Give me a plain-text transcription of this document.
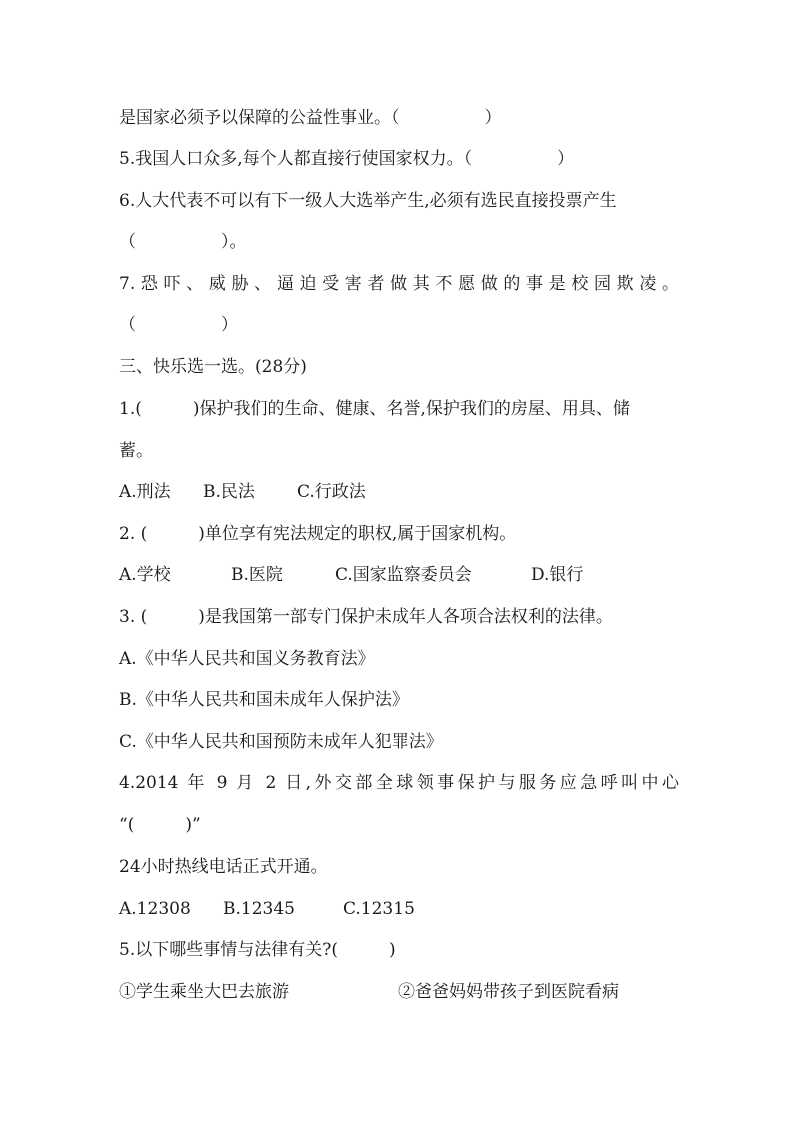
是国家必须予以保障的公益性事业。（　　　　　）
5.我国人口众多,每个人都直接行使国家权力。（　　　　　）
6.人大代表不可以有下一级人大选举产生,必须有选民直接投票产生
（　　　　　）。
7.恐吓、威胁、逼迫受害者做其不愿做的事是校园欺凌。
（　　　　　）
三、快乐选一选。(28分)
1.(　　　)保护我们的生命、健康、名誉,保护我们的房屋、用具、储
蓄。

A.刑法

B.民法

C.行政法

2. (　　　)单位享有宪法规定的职权,属于国家机构。

A.学校

	B.医院

	C.国家监察委员会

	D.银行

3. (　　　)是我国第一部专门保护未成年人各项合法权利的法律。
A.《中华人民共和国义务教育法》
B.《中华人民共和国未成年人保护法》
C.《中华人民共和国预防未成年人犯罪法》
4.2014 年 9 月 2 日,外交部全球领事保护与服务应急呼叫中心
“(　　　)”
24小时热线电话正式开通。

A.12308

B.12345

	C.12315

5.以下哪些事情与法律有关?(　　　)

①学生乘坐大巴去旅游

	②爸爸妈妈带孩子到医院看病
